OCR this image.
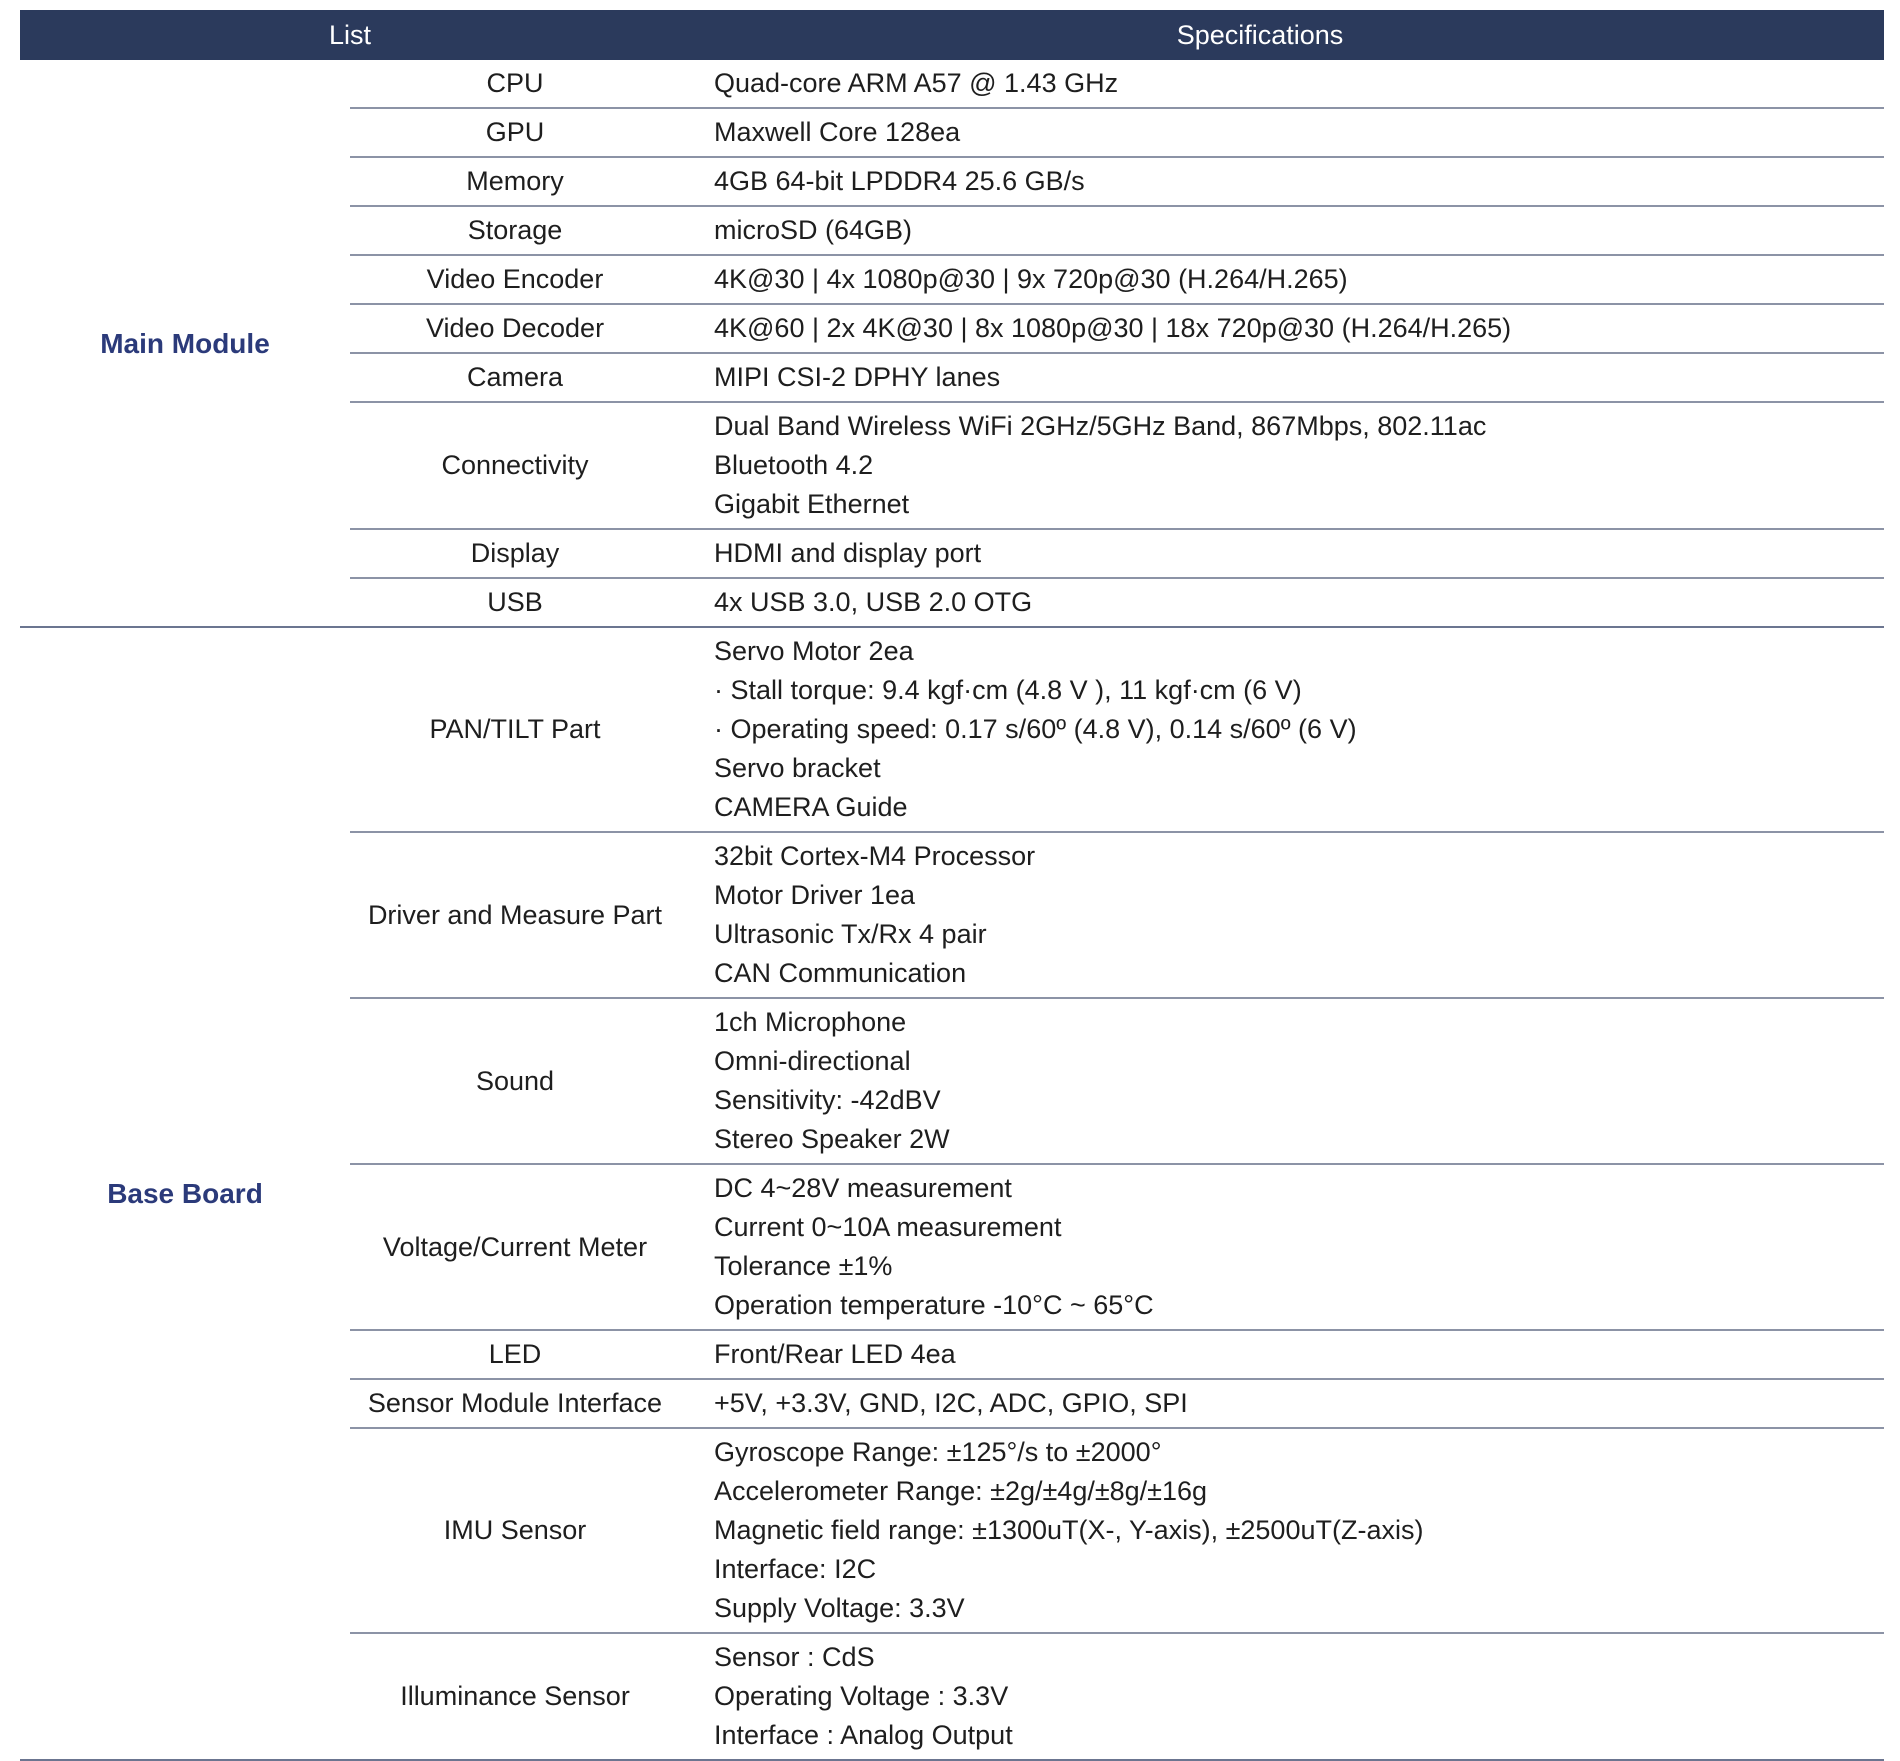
List		Specifications
Main Module	CPU	Quad-core ARM A57 @ 1.43 GHz

	GPU	Maxwell Core 128ea

	Memory	4GB 64-bit LPDDR4 25.6 GB/s

	Storage	microSD (64GB)

	Video Encoder	4K@30 | 4x 1080p@30 | 9x 720p@30 (H.264/H.265)

	Video Decoder	4K@60 | 2x 4K@30 | 8x 1080p@30 | 18x 720p@30 (H.264/H.265)

	Camera	MIPI CSI-2 DPHY lanes

	Connectivity	Dual Band Wireless WiFi 2GHz/5GHz Band, 867Mbps, 802.11ac
Bluetooth 4.2
Gigabit Ethernet

	Display	HDMI and display port

	USB	4x USB 3.0, USB 2.0 OTG

Base Board	PAN/TILT Part	Servo Motor 2ea
· Stall torque: 9.4 kgf·cm (4.8 V ), 11 kgf·cm (6 V)
· Operating speed: 0.17 s/60º (4.8 V), 0.14 s/60º (6 V)
Servo bracket
CAMERA Guide

	Driver and Measure Part	32bit Cortex-M4 Processor
Motor Driver 1ea
Ultrasonic Tx/Rx 4 pair
CAN Communication

	Sound	1ch Microphone
Omni-directional
Sensitivity: -42dBV
Stereo Speaker 2W

	Voltage/Current Meter	DC 4~28V measurement
Current 0~10A measurement
Tolerance ±1%
Operation temperature -10°C ~ 65°C

	LED	Front/Rear LED 4ea

	Sensor Module Interface	+5V, +3.3V, GND, I2C, ADC, GPIO, SPI

	IMU Sensor	Gyroscope Range: ±125°/s to ±2000°
Accelerometer Range: ±2g/±4g/±8g/±16g
Magnetic field range: ±1300uT(X-, Y-axis), ±2500uT(Z-axis)
Interface: I2C
Supply Voltage: 3.3V

	Illuminance Sensor	Sensor : CdS
Operating Voltage : 3.3V
Interface : Analog Output
